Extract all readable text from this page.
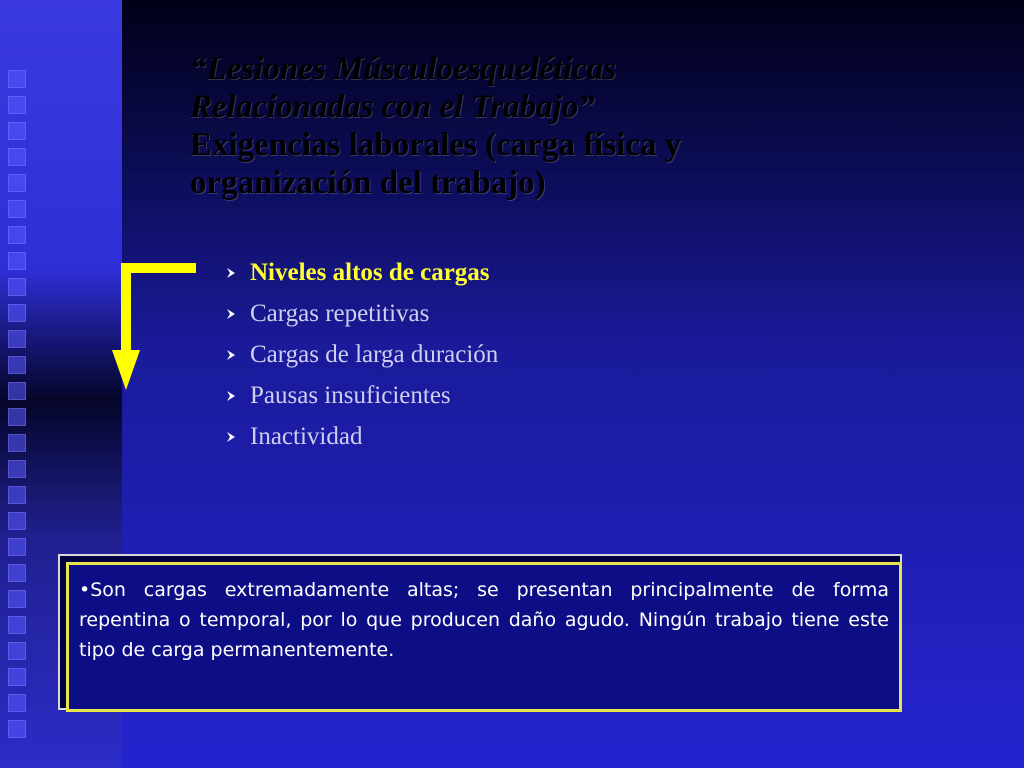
“Lesiones Músculoesqueléticas
Relacionadas con el Trabajo”
Exigencias laborales (carga física y
organización del trabajo)
Niveles altos de cargas
Cargas repetitivas
Cargas de larga duración
Pausas insuficientes
Inactividad

•Son cargas extremadamente altas; se presentan principalmente de forma repentina o temporal, por lo que producen daño agudo. Ningún trabajo tiene este tipo de carga permanentemente.
